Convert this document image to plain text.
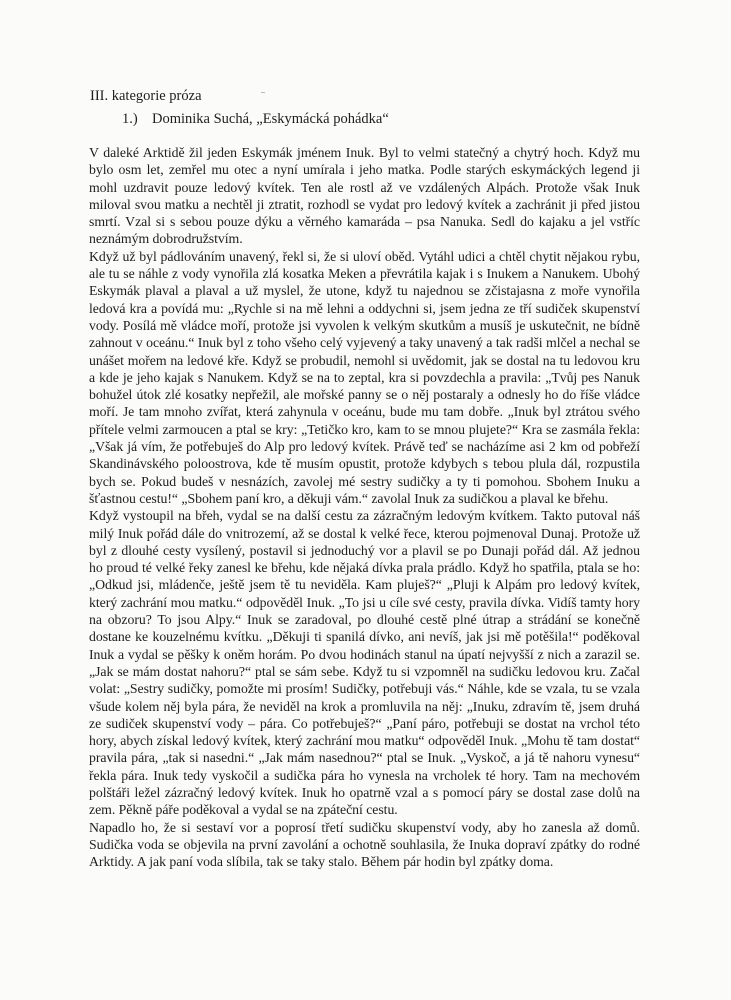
III. kategorie próza
1.) Dominika Suchá, „Eskymácká pohádka“

V daleké Arktidě žil jeden Eskymák jménem Inuk. Byl to velmi statečný a chytrý hoch. Když mu bylo osm let, zemřel mu otec a nyní umírala i jeho matka. Podle starých eskymáckých legend ji mohl uzdravit pouze ledový kvítek. Ten ale rostl až ve vzdálených Alpách. Protože však Inuk miloval svou matku a nechtěl ji ztratit, rozhodl se vydat pro ledový kvítek a zachránit ji před jistou smrtí. Vzal si s sebou pouze dýku a věrného kamaráda – psa Nanuka. Sedl do kajaku a jel vstříc neznámým dobrodružstvím.

Když už byl pádlováním unavený, řekl si, že si uloví oběd. Vytáhl udici a chtěl chytit nějakou rybu, ale tu se náhle z vody vynořila zlá kosatka Meken a převrátila kajak i s Inukem a Nanukem. Ubohý Eskymák plaval a plaval a už myslel, že utone, když tu najednou se zčistajasna z moře vynořila ledová kra a povídá mu: „Rychle si na mě lehni a oddychni si, jsem jedna ze tří sudiček skupenství vody. Posílá mě vládce moří, protože jsi vyvolen k velkým skutkům a musíš je uskutečnit, ne bídně zahnout v oceánu.“ Inuk byl z toho všeho celý vyjevený a taky unavený a tak radši mlčel a nechal se unášet mořem na ledové kře. Když se probudil, nemohl si uvědomit, jak se dostal na tu ledovou kru a kde je jeho kajak s Nanukem. Když se na to zeptal, kra si povzdechla a pravila: „Tvůj pes Nanuk bohužel útok zlé kosatky nepřežil, ale mořské panny se o něj postaraly a odnesly ho do říše vládce moří. Je tam mnoho zvířat, která zahynula v oceánu, bude mu tam dobře. „Inuk byl ztrátou svého přítele velmi zarmoucen a ptal se kry: „Tetičko kro, kam to se mnou plujete?“ Kra se zasmála řekla: „Však já vím, že potřebuješ do Alp pro ledový kvítek. Právě teď se nacházíme asi 2 km od pobřeží Skandinávského poloostrova, kde tě musím opustit, protože kdybych s tebou plula dál, rozpustila bych se. Pokud budeš v nesnázích, zavolej mé sestry sudičky a ty ti pomohou. Sbohem Inuku a šťastnou cestu!“ „Sbohem paní kro, a děkuji vám.“ zavolal Inuk za sudičkou a plaval ke břehu.

Když vystoupil na břeh, vydal se na další cestu za zázračným ledovým kvítkem. Takto putoval náš milý Inuk pořád dále do vnitrozemí, až se dostal k velké řece, kterou pojmenoval Dunaj. Protože už byl z dlouhé cesty vysílený, postavil si jednoduchý vor a plavil se po Dunaji pořád dál. Až jednou ho proud té velké řeky zanesl ke břehu, kde nějaká dívka prala prádlo. Když ho spatřila, ptala se ho: „Odkud jsi, mládenče, ještě jsem tě tu neviděla. Kam pluješ?“ „Pluji k Alpám pro ledový kvítek, který zachrání mou matku.“ odpověděl Inuk. „To jsi u cíle své cesty, pravila dívka. Vidíš tamty hory na obzoru? To jsou Alpy.“ Inuk se zaradoval, po dlouhé cestě plné útrap a strádání se konečně dostane ke kouzelnému kvítku. „Děkuji ti spanilá dívko, ani nevíš, jak jsi mě potěšila!“ poděkoval Inuk a vydal se pěšky k oněm horám. Po dvou hodinách stanul na úpatí nejvyšší z nich a zarazil se. „Jak se mám dostat nahoru?“ ptal se sám sebe. Když tu si vzpomněl na sudičku ledovou kru. Začal volat: „Sestry sudičky, pomožte mi prosím! Sudičky, potřebuji vás.“ Náhle, kde se vzala, tu se vzala všude kolem něj byla pára, že neviděl na krok a promluvila na něj: „Inuku, zdravím tě, jsem druhá ze sudiček skupenství vody – pára. Co potřebuješ?“ „Paní páro, potřebuji se dostat na vrchol této hory, abych získal ledový kvítek, který zachrání mou matku“ odpověděl Inuk. „Mohu tě tam dostat“ pravila pára, „tak si nasedni.“ „Jak mám nasednou?“ ptal se Inuk. „Vyskoč, a já tě nahoru vynesu“ řekla pára. Inuk tedy vyskočil a sudička pára ho vynesla na vrcholek té hory. Tam na mechovém polštáři ležel zázračný ledový kvítek. Inuk ho opatrně vzal a s pomocí páry se dostal zase dolů na zem. Pěkně páře poděkoval a vydal se na zpáteční cestu.

Napadlo ho, že si sestaví vor a poprosí třetí sudičku skupenství vody, aby ho zanesla až domů. Sudička voda se objevila na první zavolání a ochotně souhlasila, že Inuka dopraví zpátky do rodné Arktidy. A jak paní voda slíbila, tak se taky stalo. Během pár hodin byl zpátky doma.
